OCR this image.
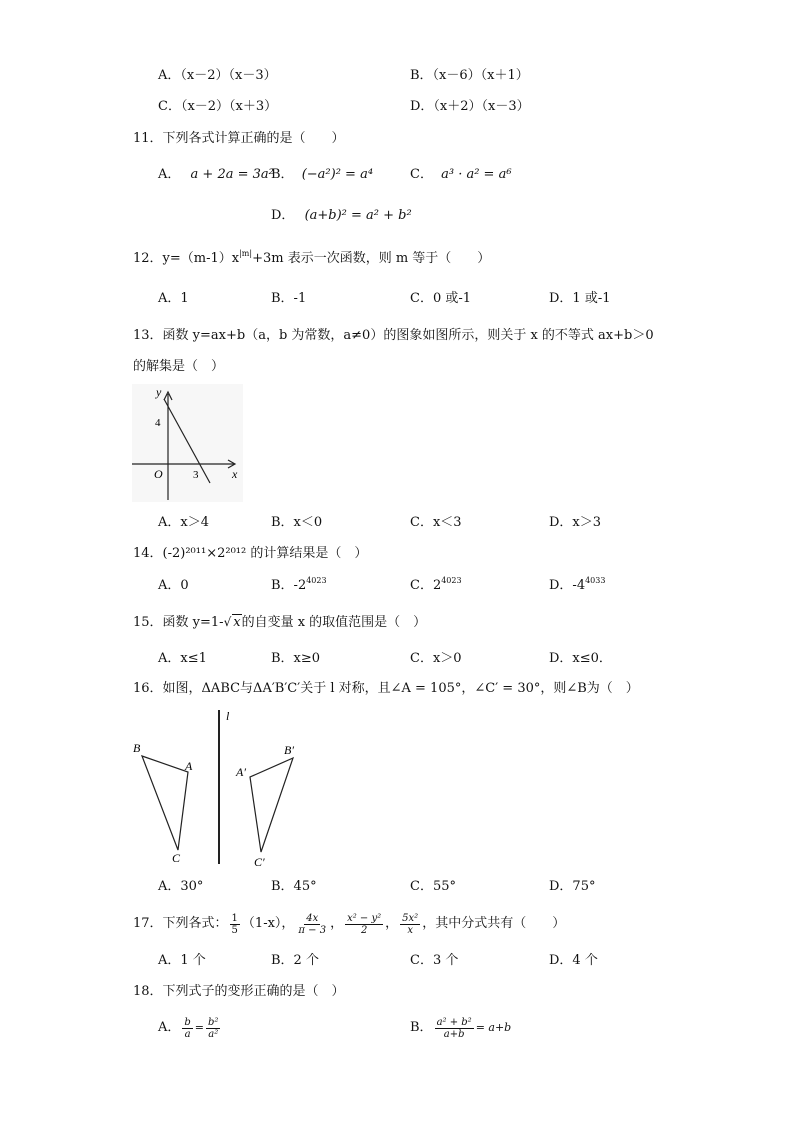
A．（x－2）（x－3）	B．（x－6）（x＋1）
C．（x－2）（x＋3）	D．（x＋2）（x－3）
11．下列各式计算正确的是（　　）
A． a + 2a = 3a²
B． (−a²)² = a⁴	C． a³ · a² = a⁶
D． (a+b)² = a² + b²
12．$y=(m-1)x^{|m|}+3m$ 表示一次函数，则 m 等于（　　）
A．1	B．-1	C．0 或-1	D．1 或-1
13．函数 y=ax+b（a，b 为常数，a≠0）的图象如图所示，则关于 x 的不等式 ax+b＞0
的解集是（　）
y
x
O
4
3
A．x＞4	B．x＜0	C．x＜3	D．x＞3
14．(-2)²⁰¹¹×2²⁰¹² 的计算结果是（　）
A．0	B．$-2^{4023}$	C．$2^{4023}$	D．$-4^{4033}$
15．函数 y=1-√ x的自变量 x 的取值范围是（　）
A．x≤1	B．x≥0	C．x＞0	D．x≤0．
16．如图，ΔABC与ΔA′B′C′关于 l 对称，且∠A = 105°，∠C′ = 30°，则∠B为（　）
l
B
A
C
B′
A′
C′
A．30°	B．45°	C．55°	D．75°
17．下列各式： $\frac{1}{5} (1-x)$， $\frac{4x}{\pi - 3}$ ， $\frac{\text{x² − y²}}{2}$ ， $\frac{\text{5x²}}{x}$ ，其中分式共有（　　）
A．1 个	B．2 个	C．3 个	D．4 个
18．下列式子的变形正确的是（　）
A． $\frac{b}{a} = \frac{\text{b²}}{\text{a²}}$	B． $\frac{\text{a² + b²}}{a+b} = a+b$
